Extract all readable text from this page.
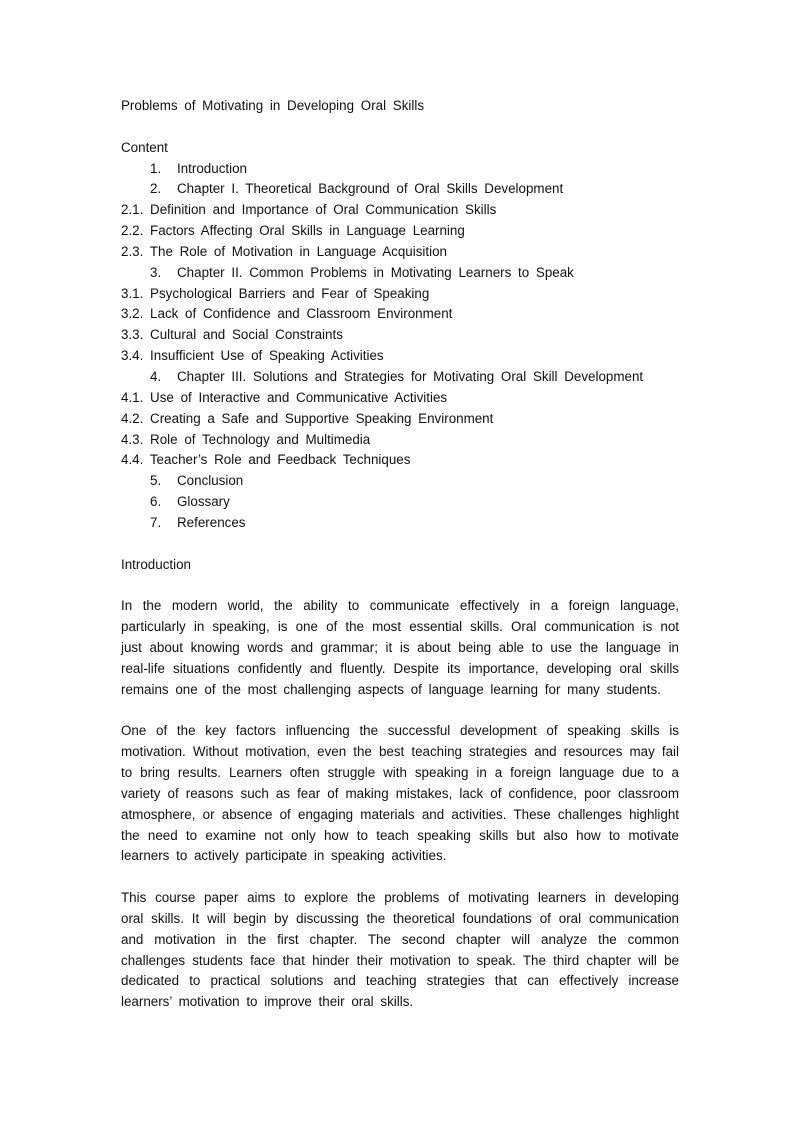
Problems of Motivating in Developing Oral Skills
Content
1. Introduction
2. Chapter I. Theoretical Background of Oral Skills Development
2.1. Definition and Importance of Oral Communication Skills
2.2. Factors Affecting Oral Skills in Language Learning
2.3. The Role of Motivation in Language Acquisition
3. Chapter II. Common Problems in Motivating Learners to Speak
3.1. Psychological Barriers and Fear of Speaking
3.2. Lack of Confidence and Classroom Environment
3.3. Cultural and Social Constraints
3.4. Insufficient Use of Speaking Activities
4. Chapter III. Solutions and Strategies for Motivating Oral Skill Development
4.1. Use of Interactive and Communicative Activities
4.2. Creating a Safe and Supportive Speaking Environment
4.3. Role of Technology and Multimedia
4.4. Teacher’s Role and Feedback Techniques
5. Conclusion
6. Glossary
7. References
Introduction

In the modern world, the ability to communicate effectively in a foreign language, particularly in speaking, is one of the most essential skills. Oral communication is not just about knowing words and grammar; it is about being able to use the language in real-life situations confidently and fluently. Despite its importance, developing oral skills remains one of the most challenging aspects of language learning for many students.

One of the key factors influencing the successful development of speaking skills is motivation. Without motivation, even the best teaching strategies and resources may fail to bring results. Learners often struggle with speaking in a foreign language due to a variety of reasons such as fear of making mistakes, lack of confidence, poor classroom atmosphere, or absence of engaging materials and activities. These challenges highlight the need to examine not only how to teach speaking skills but also how to motivate learners to actively participate in speaking activities.

This course paper aims to explore the problems of motivating learners in developing oral skills. It will begin by discussing the theoretical foundations of oral communication and motivation in the first chapter. The second chapter will analyze the common challenges students face that hinder their motivation to speak. The third chapter will be dedicated to practical solutions and teaching strategies that can effectively increase learners’ motivation to improve their oral skills.
